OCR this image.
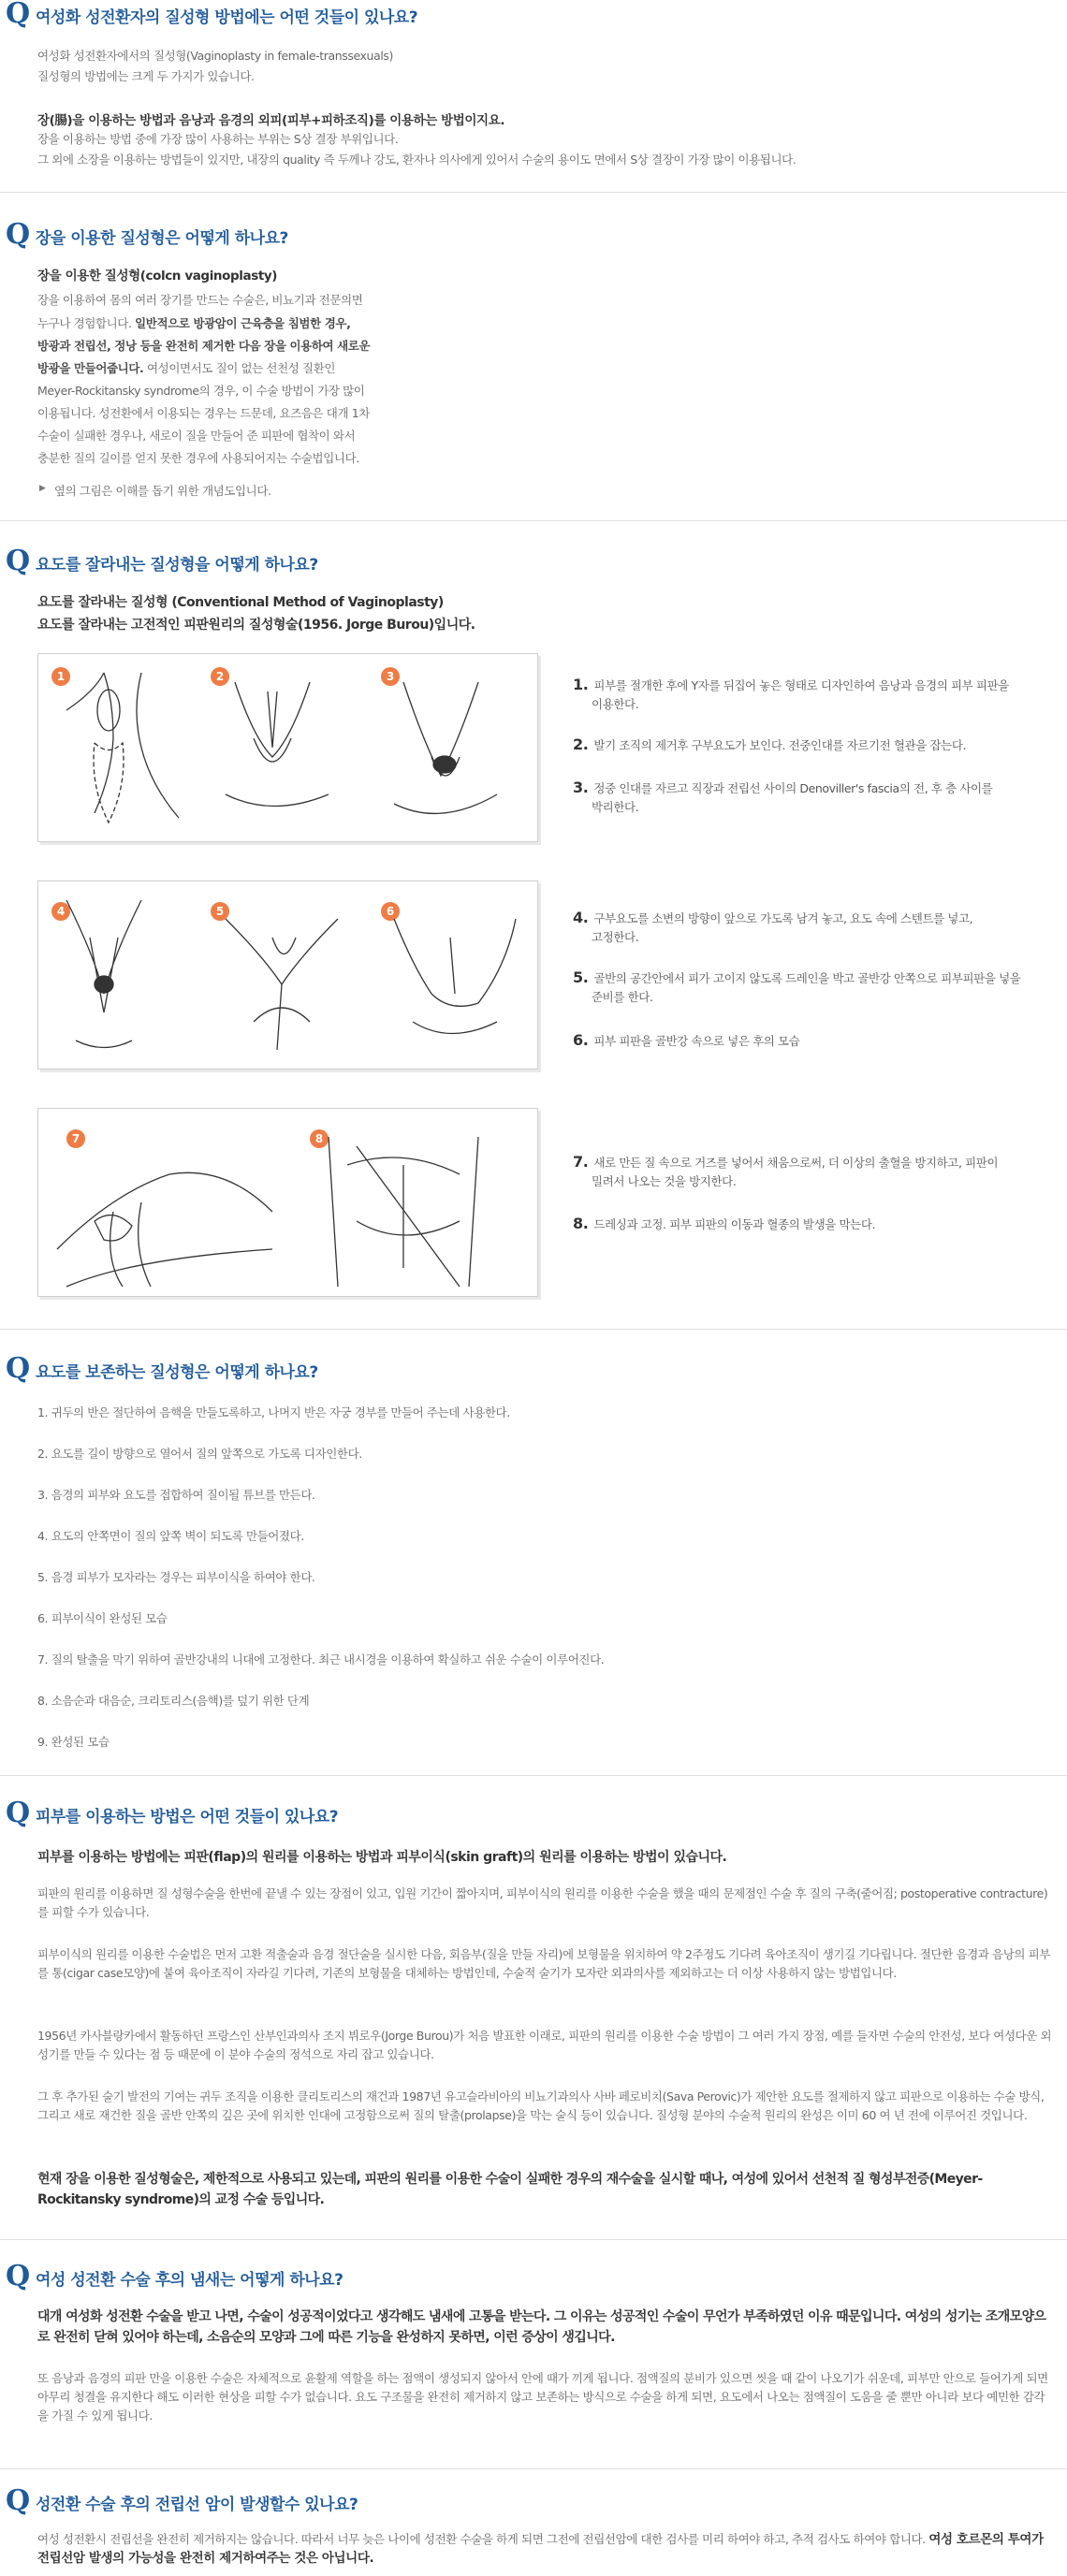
Q 여성화 성전환자의 질성형 방법에는 어떤 것들이 있나요?
여성화 성전환자에서의 질성형(Vaginoplasty in female-transsexuals)
질성형의 방법에는 크게 두 가지가 있습니다.
장(腸)을 이용하는 방법과 음낭과 음경의 외피(피부+피하조직)를 이용하는 방법이지요.
장을 이용하는 방법 중에 가장 많이 사용하는 부위는 S상 결장 부위입니다.
그 외에 소장을 이용하는 방법들이 있지만, 내장의 quality 즉 두께나 강도, 환자나 의사에게 있어서 수술의 용이도 면에서 S상 결장이 가장 많이 이용됩니다.
Q 장을 이용한 질성형은 어떻게 하나요?
장을 이용한 질성형(colcn vaginoplasty)
장을 이용하여 몸의 여러 장기를 만드는 수술은, 비뇨기과 전문의면
누구나 경험합니다. 일반적으로 방광암이 근육층을 침범한 경우,
방광과 전립선, 정낭 등을 완전히 제거한 다음 장을 이용하여 새로운
방광을 만들어줍니다. 여성이면서도 질이 없는 선천성 질환인
Meyer-Rockitansky syndrome의 경우, 이 수술 방법이 가장 많이
이용됩니다. 성전환에서 이용되는 경우는 드문데, 요즈음은 대개 1차
수술이 실패한 경우나, 새로이 질을 만들어 준 피판에 협착이 와서
충분한 질의 길이를 얻지 못한 경우에 사용되어지는 수술법입니다.
▶ 옆의 그림은 이해를 돕기 위한 개념도입니다.
Q 요도를 잘라내는 질성형을 어떻게 하나요?
요도를 잘라내는 질성형 (Conventional Method of Vaginoplasty)
요도를 잘라내는 고전적인 피판원리의 질성형술(1956. Jorge Burou)입니다.
1	2	3
4	5	6
7	8
1. 피부를 절개한 후에 Y자를 뒤집어 놓은 형태로 디자인하여 음낭과 음경의 피부 피판을
이용한다.
2. 발기 조직의 제거후 구부요도가 보인다. 전중인대를 자르기전 혈관을 잡는다.
3. 정중 인대를 자르고 직장과 전립선 사이의 Denoviller's fascia의 전, 후 층 사이를
박리한다.
4. 구부요도를 소변의 방향이 앞으로 가도록 남겨 놓고, 요도 속에 스텐트를 넣고,
고정한다.
5. 골반의 공간안에서 피가 고이지 않도록 드레인을 박고 골반강 안쪽으로 피부피판을 넣을
준비를 한다.
6. 피부 피판을 골반강 속으로 넣은 후의 모습
7. 새로 만든 질 속으로 거즈를 넣어서 채움으로써, 더 이상의 출혈을 방지하고, 피판이
밀려서 나오는 것을 방지한다.
8. 드레싱과 고정. 피부 피판의 이동과 혈종의 발생을 막는다.
Q 요도를 보존하는 질성형은 어떻게 하나요?
1. 귀두의 반은 절단하여 음핵을 만들도록하고, 나머지 반은 자궁 경부를 만들어 주는데 사용한다.
2. 요도를 길이 방향으로 열어서 질의 앞쪽으로 가도록 디자인한다.
3. 음경의 피부와 요도를 접합하여 질이될 튜브를 만든다.
4. 요도의 안쪽면이 질의 앞쪽 벽이 되도록 만들어졌다.
5. 음경 피부가 모자라는 경우는 피부이식을 하여야 한다.
6. 피부이식이 완성된 모습
7. 질의 탈출을 막기 위하여 골반강내의 니대에 고정한다. 최근 내시경을 이용하여 확실하고 쉬운 수술이 이루어진다.
8. 소음순과 대음순, 크리토리스(음핵)를 덮기 위한 단계
9. 완성된 모습
Q 피부를 이용하는 방법은 어떤 것들이 있나요?
피부를 이용하는 방법에는 피판(flap)의 원리를 이용하는 방법과 피부이식(skin graft)의 원리를 이용하는 방법이 있습니다.
피판의 원리를 이용하면 질 성형수술을 한번에 끝낼 수 있는 장점이 있고, 입원 기간이 짧아지며, 피부이식의 원리를 이용한 수술을 했을 때의 문제점인 수술 후 질의 구축(줄어짐; postoperative contracture)를 피할 수가 있습니다.
피부이식의 원리를 이용한 수술법은 먼저 고환 적출술과 음경 절단술을 실시한 다음, 회음부(질을 만들 자리)에 보형물을 위치하여 약 2주정도 기다려 육아조직이 생기길 기다립니다. 절단한 음경과 음낭의 피부를 통(cigar case모양)에 붙여 육아조직이 자라길 기다려, 기존의 보형물을 대체하는 방법인데, 수술적 술기가 모자란 외과의사를 제외하고는 더 이상 사용하지 않는 방법입니다.
1956년 카사블랑카에서 활동하던 프랑스인 산부인과의사 조지 뷔로우(Jorge Burou)가 처음 발표한 이래로, 피판의 원리를 이용한 수술 방법이 그 여러 가지 장점, 예를 들자면 수술의 안전성, 보다 여성다운 외성기를 만들 수 있다는 점 등 때문에 이 분야 수술의 정석으로 자리 잡고 있습니다.
그 후 추가된 술기 발전의 기여는 귀두 조직을 이용한 클리토리스의 재건과 1987년 유고슬라비아의 비뇨기과의사 사바 페로비치(Sava Perovic)가 제안한 요도를 절제하지 않고 피판으로 이용하는 수술 방식, 그리고 새로 재건한 질을 골반 안쪽의 깊은 곳에 위치한 인대에 고정함으로써 질의 탈출(prolapse)을 막는 술식 등이 있습니다. 질성형 분야의 수술적 원리의 완성은 이미 60 여 년 전에 이루어진 것입니다.
현재 장을 이용한 질성형술은, 제한적으로 사용되고 있는데, 피판의 원리를 이용한 수술이 실패한 경우의 재수술을 실시할 때나, 여성에 있어서 선천적 질 형성부전증(Meyer-Rockitansky syndrome)의 교정 수술 등입니다.
Q 여성 성전환 수술 후의 냄새는 어떻게 하나요?
대개 여성화 성전환 수술을 받고 나면, 수술이 성공적이었다고 생각해도 냄새에 고통을 받는다. 그 이유는 성공적인 수술이 무언가 부족하였던 이유 때문입니다. 여성의 성기는 조개모양으로 완전히 닫혀 있어야 하는데, 소음순의 모양과 그에 따른 기능을 완성하지 못하면, 이런 증상이 생깁니다.
또 음낭과 음경의 피판 만을 이용한 수술은 자체적으로 윤활제 역할을 하는 점액이 생성되지 않아서 안에 때가 끼게 됩니다. 점액질의 분비가 있으면 씻을 때 같이 나오기가 쉬운데, 피부만 안으로 들어가게 되면 아무리 청결을 유지한다 해도 이러한 현상을 피할 수가 없습니다. 요도 구조물을 완전히 제거하지 않고 보존하는 방식으로 수술을 하게 되면, 요도에서 나오는 점액질이 도움을 줄 뿐만 아니라 보다 예민한 감각을 가질 수 있게 됩니다.
Q 성전환 수술 후의 전립선 암이 발생할수 있나요?
여성 성전환시 전립선을 완전히 제거하지는 않습니다. 따라서 너무 늦은 나이에 성전환 수술을 하게 되면 그전에 전립선암에 대한 검사를 미리 하여야 하고, 추적 검사도 하여야 합니다. 여성 호르몬의 투여가 전립선암 발생의 가능성을 완전히 제거하여주는 것은 아닙니다.
